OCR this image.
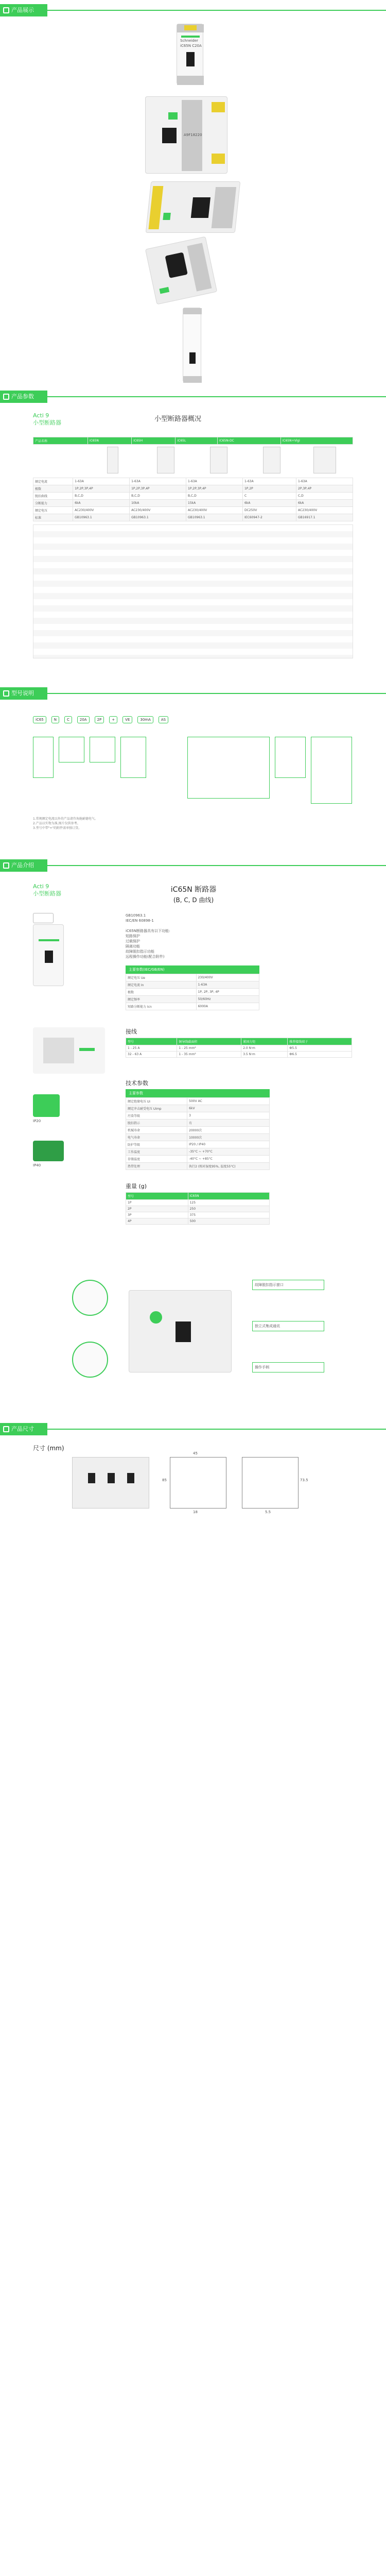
产品展示
Schneider
iC65N C20A
A9F18220
产品参数
Acti 9
小型断路器	小型断路器概况
产品名称	iC65N	iC65H	iC65L	iC65N-DC	iC65N+Vigi
额定电流	1-63A	1-63A	1-63A	1-63A	1-63A
极数	1P,2P,3P,4P	1P,2P,3P,4P	1P,2P,3P,4P	1P,2P	2P,3P,4P
脱扣曲线	B,C,D	B,C,D	B,C,D	C	C,D
分断能力	6kA	10kA	15kA	6kA	6kA
额定电压	AC230/400V	AC230/400V	AC230/400V	DC250V	AC230/400V
标准	GB10963.1	GB10963.1	GB10963.1	IEC60947-2	GB16917.1
型号说明
iC65	N	C	20A	2P	+	VE	30mA	AS
1.常规额定电流以外的产品请咨询施耐德电气。
2.产品以实物为准,图片仅供参考。
3.型号中带"+"的附件需单独订货。
产品介绍
Acti 9
小型断路器	iC65N 断路器
(B, C, D 曲线)
GB10963.1
IEC/EN 60898-1
iC65N断路器具有以下功能:
短路保护
过载保护
隔离功能
故障脱扣指示功能
远程操作功能(配合附件)
主要参数(IEC/GB/EN)
额定电压 Ue	230/400V
额定电流 In	1-63A
极数	1P, 2P, 3P, 4P
额定频率	50/60Hz
短路分断能力 Icn	6000A
接线
型号	铜导线截面积	紧固力矩	推荐接线端子
1 - 25 A	1 - 25 mm²	2.0 N·m	Ф5.5
32 - 63 A	1 - 35 mm²	3.5 N·m	Ф6.5
技术参数
主要参数
额定绝缘电压 Ui	500V AC
额定冲击耐受电压 Uimp	6kV
污染等级	3
脱扣指示	有
机械寿命	20000次
电气寿命	10000次
防护等级	IP20 / IP40
工作温度	-35°C ~ +70°C
存储温度	-40°C ~ +85°C
热带处理	执行2 (相对湿度95%, 温度55°C)
IP20
IP40
重量 (g)
型号	iC65N
1P	125
2P	250
3P	375
4P	500
故障脱扣指示窗口
独立式集成通讯
操作手柄
产品尺寸
尺寸 (mm)
85
45
18
73.5
5.5
